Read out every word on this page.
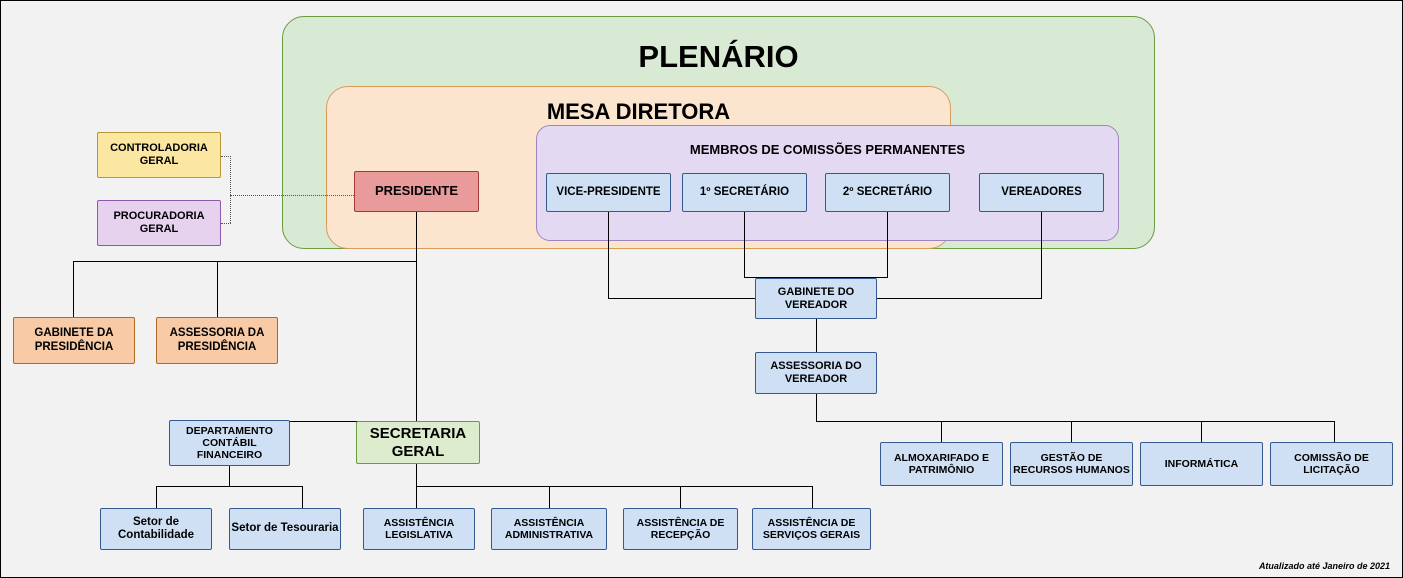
PLENÁRIO
MESA DIRETORA
MEMBROS DE COMISSÕES PERMANENTES
CONTROLADORIA GERAL
PROCURADORIA GERAL
PRESIDENTE	VICE-PRESIDENTE	1º SECRETÁRIO	2º SECRETÁRIO	VEREADORES
GABINETE DA PRESIDÊNCIA
ASSESSORIA DA PRESIDÊNCIA
GABINETE DO VEREADOR
ASSESSORIA DO VEREADOR
DEPARTAMENTO CONTÁBIL FINANCEIRO
SECRETARIA GERAL
Setor de Contabilidade
Setor de Tesouraria	ASSISTÊNCIA LEGISLATIVA
ASSISTÊNCIA ADMINISTRATIVA
ASSISTÊNCIA DE RECEPÇÃO
ASSISTÊNCIA DE SERVIÇOS GERAIS
ALMOXARIFADO E PATRIMÔNIO
GESTÃO DE RECURSOS HUMANOS
INFORMÁTICA
COMISSÃO DE LICITAÇÃO
Atualizado até Janeiro de 2021
